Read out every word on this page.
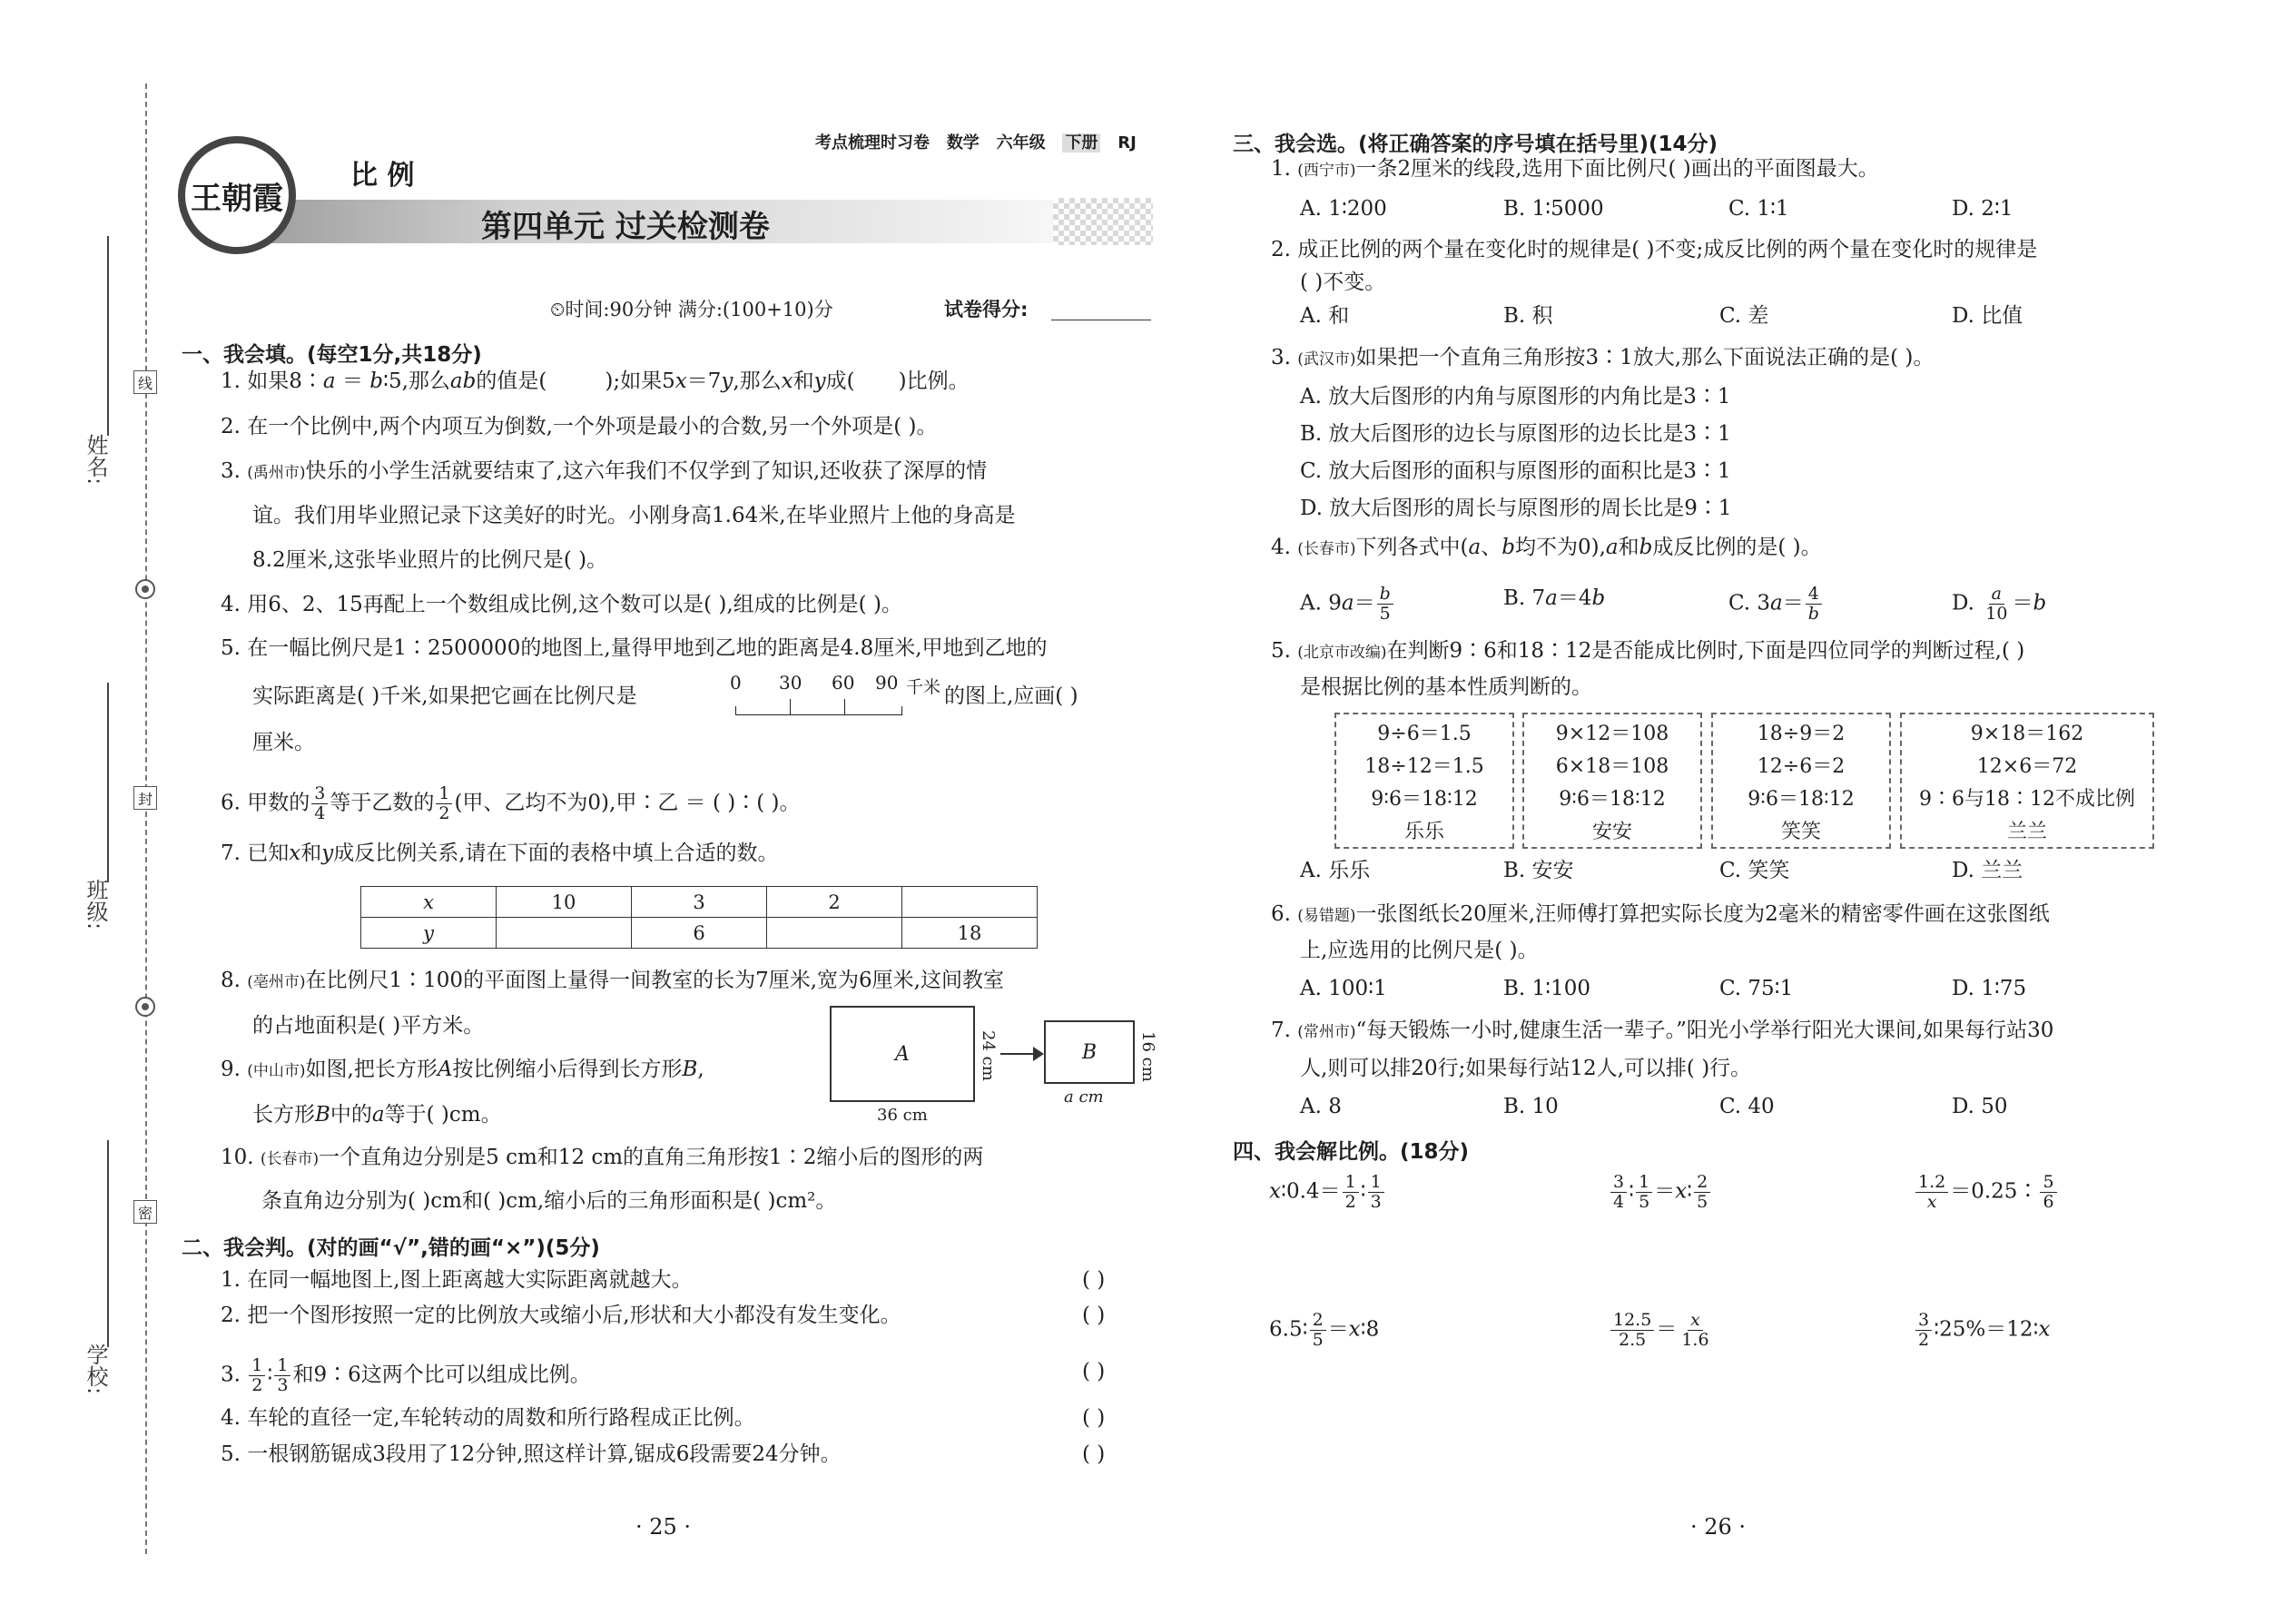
姓名:
班级:
学校:
线
封
密
考点梳理时习卷 数学 六年级 下册 RJ
王朝霞
比 例
第四单元 过关检测卷
⏲时间:90分钟 满分:(100+10)分	试卷得分:
一、我会填。(每空1分,共18分)
1. 如果8∶a ＝ b∶5,那么ab的值是(	);如果5x＝7y,那么x和y成( )比例。
2. 在一个比例中,两个内项互为倒数,一个外项是最小的合数,另一个外项是( )。
3. (禹州市)快乐的小学生活就要结束了,这六年我们不仅学到了知识,还收获了深厚的情
谊。我们用毕业照记录下这美好的时光。小刚身高1.64米,在毕业照片上他的身高是
8.2厘米,这张毕业照片的比例尺是( )。
4. 用6、2、15再配上一个数组成比例,这个数可以是( ),组成的比例是( )。
5. 在一幅比例尺是1∶2500000的地图上,量得甲地到乙地的距离是4.8厘米,甲地到乙地的
实际距离是( )千米,如果把它画在比例尺是
0 30 60 90 千米 的图上,应画( )
厘米。
6. 甲数的 $\frac{3}{4}$ 等于乙数的 $\frac{1}{2}$ (甲、乙均不为0),甲∶乙 ＝ ( )∶( )。
7. 已知x和y成反比例关系,请在下面的表格中填上合适的数。
x	10	3	2	
y		6		18
8. (亳州市)在比例尺1∶100的平面图上量得一间教室的长为7厘米,宽为6厘米,这间教室
的占地面积是( )平方米。
9. (中山市)如图,把长方形A按比例缩小后得到长方形B,
长方形B中的a等于( )cm。
A	24 cm
36 cm
B	16 cm
a cm
10. (长春市)一个直角边分别是5 cm和12 cm的直角三角形按1∶2缩小后的图形的两
条直角边分别为( )cm和( )cm,缩小后的三角形面积是( )cm²。
二、我会判。(对的画“√”,错的画“×”)(5分)
1. 在同一幅地图上,图上距离越大实际距离就越大。	( )
2. 把一个图形按照一定的比例放大或缩小后,形状和大小都没有发生变化。	( )
3. $\frac{1}{2}$ ∶ $\frac{1}{3}$ 和9∶6这两个比可以组成比例。	( )
4. 车轮的直径一定,车轮转动的周数和所行路程成正比例。	( )
5. 一根钢筋锯成3段用了12分钟,照这样计算,锯成6段需要24分钟。	( )
· 25 ·
三、我会选。(将正确答案的序号填在括号里)(14分)
1. (西宁市)一条2厘米的线段,选用下面比例尺( )画出的平面图最大。
A. 1∶200	B. 1∶5000	C. 1∶1	D. 2∶1
2. 成正比例的两个量在变化时的规律是( )不变;成反比例的两个量在变化时的规律是
( )不变。
A. 和	B. 积	C. 差	D. 比值
3. (武汉市)如果把一个直角三角形按3∶1放大,那么下面说法正确的是( )。
A. 放大后图形的内角与原图形的内角比是3∶1
B. 放大后图形的边长与原图形的边长比是3∶1
C. 放大后图形的面积与原图形的面积比是3∶1
D. 放大后图形的周长与原图形的周长比是9∶1
4. (长春市)下列各式中(a、b均不为0),a和b成反比例的是( )。
A. $9a= \frac{b}{5}$	B. 7a＝4b	C. $3a= \frac{4}{b}$	D. $\frac{a}{10} =b$
5. (北京市改编)在判断9∶6和18∶12是否能成比例时,下面是四位同学的判断过程,( )
是根据比例的基本性质判断的。
9÷6＝1.5
18÷12＝1.5
9∶6＝18∶12
乐乐
9×12＝108
6×18＝108
9∶6＝18∶12
安安
18÷9＝2
12÷6＝2
9∶6＝18∶12
笑笑
9×18＝162
12×6＝72
9∶6与18∶12不成比例
兰兰
A. 乐乐	B. 安安	C. 笑笑	D. 兰兰
6. (易错题)一张图纸长20厘米,汪师傅打算把实际长度为2毫米的精密零件画在这张图纸
上,应选用的比例尺是( )。
A. 100∶1	B. 1∶100	C. 75∶1	D. 1∶75
7. (常州市)“每天锻炼一小时,健康生活一辈子。”阳光小学举行阳光大课间,如果每行站30
人,则可以排20行;如果每行站12人,可以排( )行。
A. 8	B. 10	C. 40	D. 50
四、我会解比例。(18分)
x∶0.4＝ $\frac{1}{2}$ ∶ $\frac{1}{3}$	$\frac{3}{4}$ ∶ $\frac{1}{5}$ ＝x∶ $\frac{2}{5}$	$\frac{1.2}{x}$ ＝0.25∶ $\frac{5}{6}$
6.5∶ $\frac{2}{5}$ ＝x∶8	$\frac{12.5}{2.5} = \frac{x}{1.6}$	$\frac{3}{2}$ ∶25%＝12∶x
· 26 ·
